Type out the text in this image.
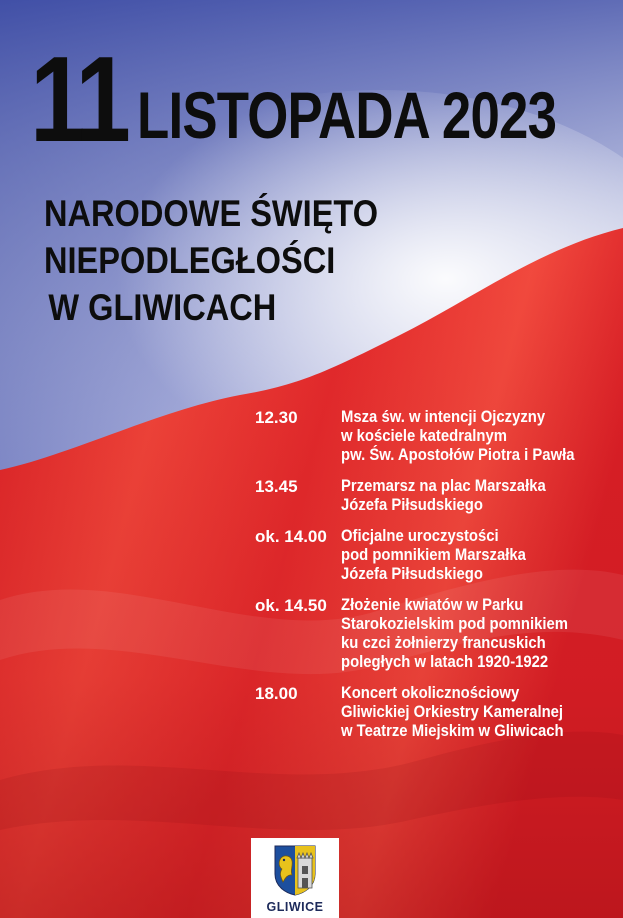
11 LISTOPADA 2023
NARODOWE ŚWIĘTO
NIEPODLEGŁOŚCI
W GLIWICACH
12.30	Msza św. w intencji Ojczyzny
w kościele katedralnym
pw. Św. Apostołów Piotra i Pawła
13.45	Przemarsz na plac Marszałka
Józefa Piłsudskiego
ok. 14.00 Oficjalne uroczystości
pod pomnikiem Marszałka
Józefa Piłsudskiego
ok. 14.50 Złożenie kwiatów w Parku
Starokozielskim pod pomnikiem
ku czci żołnierzy francuskich
poległych w latach 1920-1922
18.00	Koncert okolicznościowy
Gliwickiej Orkiestry Kameralnej
w Teatrze Miejskim w Gliwicach
GLIWICE
